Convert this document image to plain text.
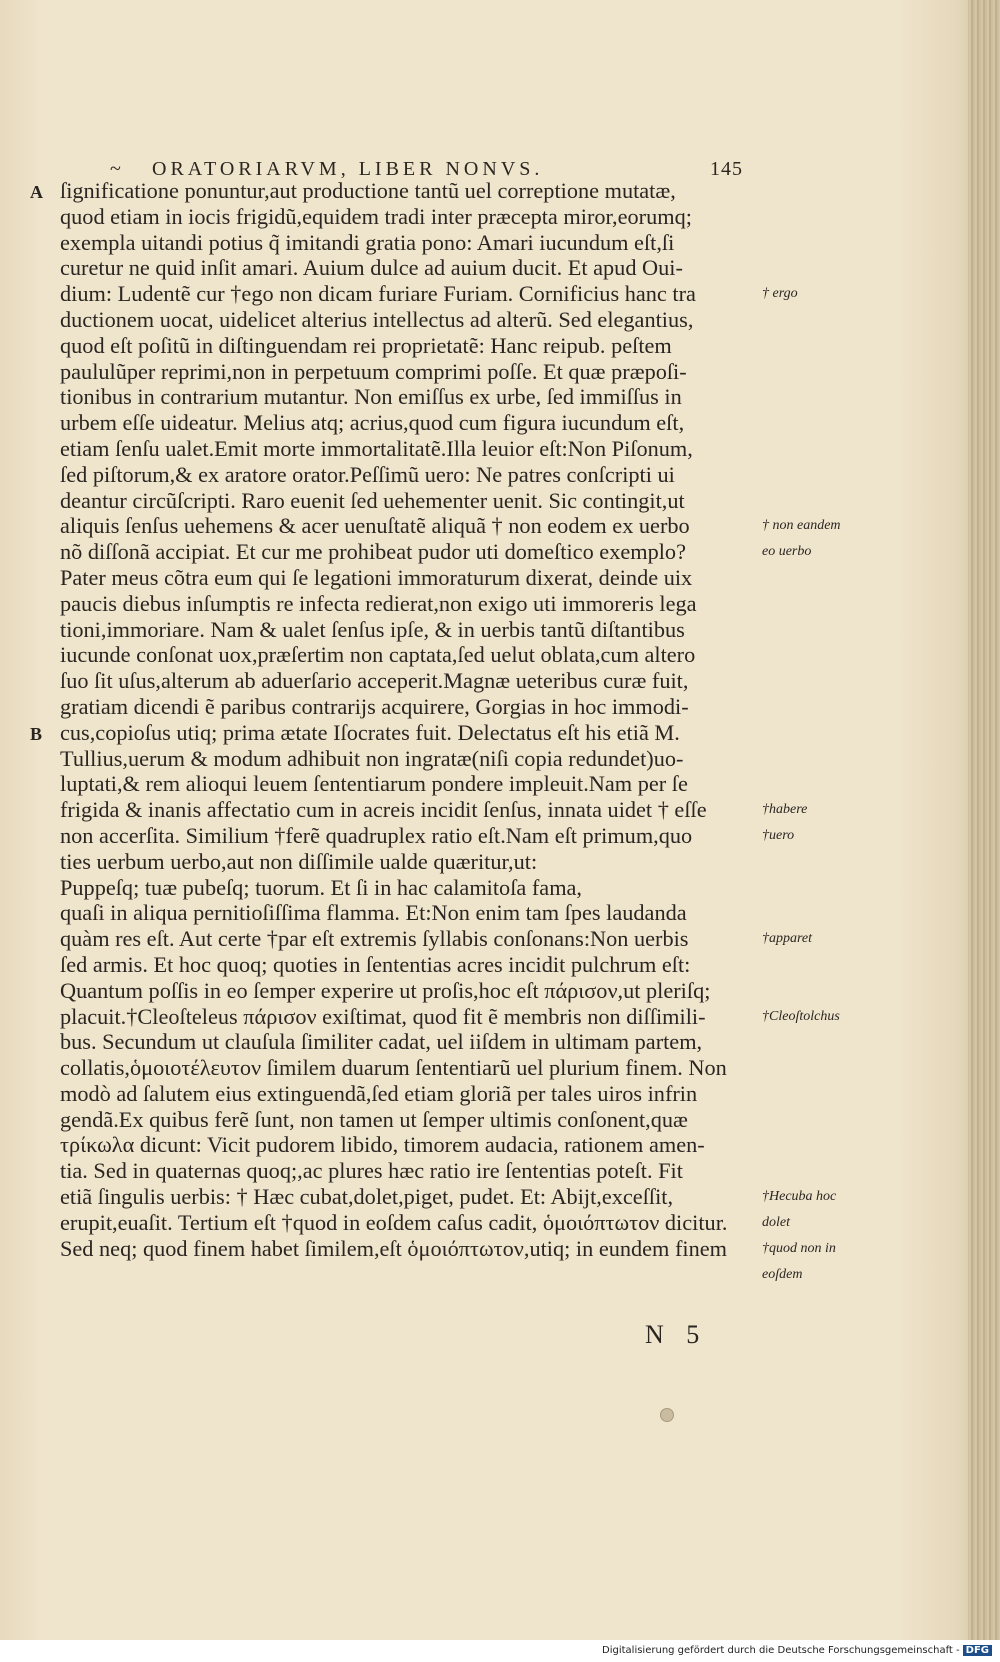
~ ORATORIARVM, LIBER NONVS.	145
A
B
ſignificatione ponuntur,aut productione tantũ uel correptione mutatæ,
quod etiam in iocis frigidũ,equidem tradi inter præcepta miror,eorumq;
exempla uitandi potius q̃ imitandi gratia pono: Amari iucundum eſt,ſi
curetur ne quid inſit amari. Auium dulce ad auium ducit. Et apud Oui-
dium: Ludentẽ cur †ego non dicam furiare Furiam. Cornificius hanc tra
ductionem uocat, uidelicet alterius intellectus ad alterũ. Sed elegantius,
quod eſt poſitũ in diſtinguendam rei proprietatẽ: Hanc reipub. peſtem
paululũper reprimi,non in perpetuum comprimi poſſe. Et quæ præpoſi-
tionibus in contrarium mutantur. Non emiſſus ex urbe, ſed immiſſus in
urbem eſſe uideatur. Melius atq; acrius,quod cum figura iucundum eſt,
etiam ſenſu ualet.Emit morte immortalitatẽ.Illa leuior eſt:Non Piſonum,
ſed piſtorum,& ex aratore orator.Peſſimũ uero: Ne patres conſcripti ui
deantur circũſcripti. Raro euenit ſed uehementer uenit. Sic contingit,ut
aliquis ſenſus uehemens & acer uenuſtatẽ aliquã † non eodem ex uerbo
nõ diſſonã accipiat. Et cur me prohibeat pudor uti domeſtico exemplo?
Pater meus cõtra eum qui ſe legationi immoraturum dixerat, deinde uix
paucis diebus inſumptis re infecta redierat,non exigo uti immoreris lega
tioni,immoriare. Nam & ualet ſenſus ipſe, & in uerbis tantũ diſtantibus
iucunde conſonat uox,præſertim non captata,ſed uelut oblata,cum altero
ſuo ſit uſus,alterum ab aduerſario acceperit.Magnæ ueteribus curæ fuit,
gratiam dicendi ẽ paribus contrarijs acquirere, Gorgias in hoc immodi-
cus,copioſus utiq; prima ætate Iſocrates fuit. Delectatus eſt his etiã M.
Tullius,uerum & modum adhibuit non ingratæ(niſi copia redundet)uo-
luptati,& rem alioqui leuem ſententiarum pondere impleuit.Nam per ſe
frigida & inanis affectatio cum in acreis incidit ſenſus, innata uidet † eſſe
non accerſita. Similium †ferẽ quadruplex ratio eſt.Nam eſt primum,quo
ties uerbum uerbo,aut non diſſimile ualde quæritur,ut:
Puppeſq; tuæ pubeſq; tuorum. Et ſi in hac calamitoſa fama,
quaſi in aliqua pernitioſiſſima flamma. Et:Non enim tam ſpes laudanda
quàm res eſt. Aut certe †par eſt extremis ſyllabis conſonans:Non uerbis
ſed armis. Et hoc quoq; quoties in ſententias acres incidit pulchrum eſt:
Quantum poſſis in eo ſemper experire ut proſis,hoc eſt πάρισον,ut pleriſq;
placuit.†Cleoſteleus πάρισον exiſtimat, quod fit ẽ membris non diſſimili-
bus. Secundum ut clauſula ſimiliter cadat, uel iiſdem in ultimam partem,
collatis,ὁμοιοτέλευτον ſimilem duarum ſententiarũ uel plurium finem. Non
modò ad ſalutem eius extinguendã,ſed etiam gloriã per tales uiros infrin
gendã.Ex quibus ferẽ ſunt, non tamen ut ſemper ultimis conſonent,quæ
τρίκωλα dicunt: Vicit pudorem libido, timorem audacia, rationem amen-
tia. Sed in quaternas quoq;,ac plures hæc ratio ire ſententias poteſt. Fit
etiã ſingulis uerbis: † Hæc cubat,dolet,piget, pudet. Et: Abijt,exceſſit,
erupit,euaſit. Tertium eſt †quod in eoſdem caſus cadit, ὁμοιόπτωτον dicitur.
Sed neq; quod finem habet ſimilem,eſt ὁμοιόπτωτον,utiq; in eundem finem
† ergo
† non eandem
eo uerbo
†habere
†uero
†apparet
†Cleoſtolchus
†Hecuba hoc
dolet
†quod non in
eoſdem
N 5
Digitalisierung gefördert durch die Deutsche Forschungsgemeinschaft - DFG
